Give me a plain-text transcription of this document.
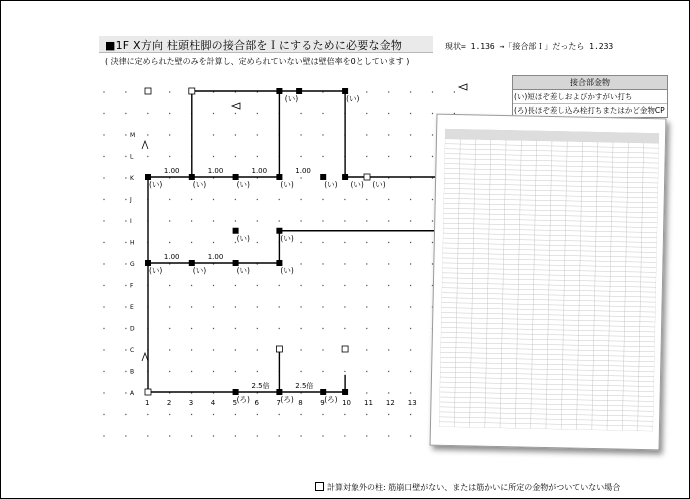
■1F X方向 柱頭柱脚の接合部をＩにするために必要な金物
( 決律に定められた壁のみを計算し、定められていない壁は壁倍率を0としています )
現状= 1.136 →「接合部Ｉ」だったら 1.233
(い)	(い)	(い)	(い)	(い)
(い)	(い)
(い)	(い)
(い)	(い)	(い)
(い)
(い) (い)
(ろ)	(ろ)	(ろ)
1.00	1.00	1.00	1.00
1.00	1.00
2.5倍	2.5倍
1 2 3 4 5 6 7 8 9 10 11 12 13
A
B
C
D
E
F
G
H
I
J
K
L
M
接合部金物
(い)短ほぞ差しおよびかすがい打ち
(ろ)長ほぞ差し込み栓打ちまたはかど金物CP
計算対象外の柱: 筋崩口壁がない、または筋かいに所定の金物がついていない場合
